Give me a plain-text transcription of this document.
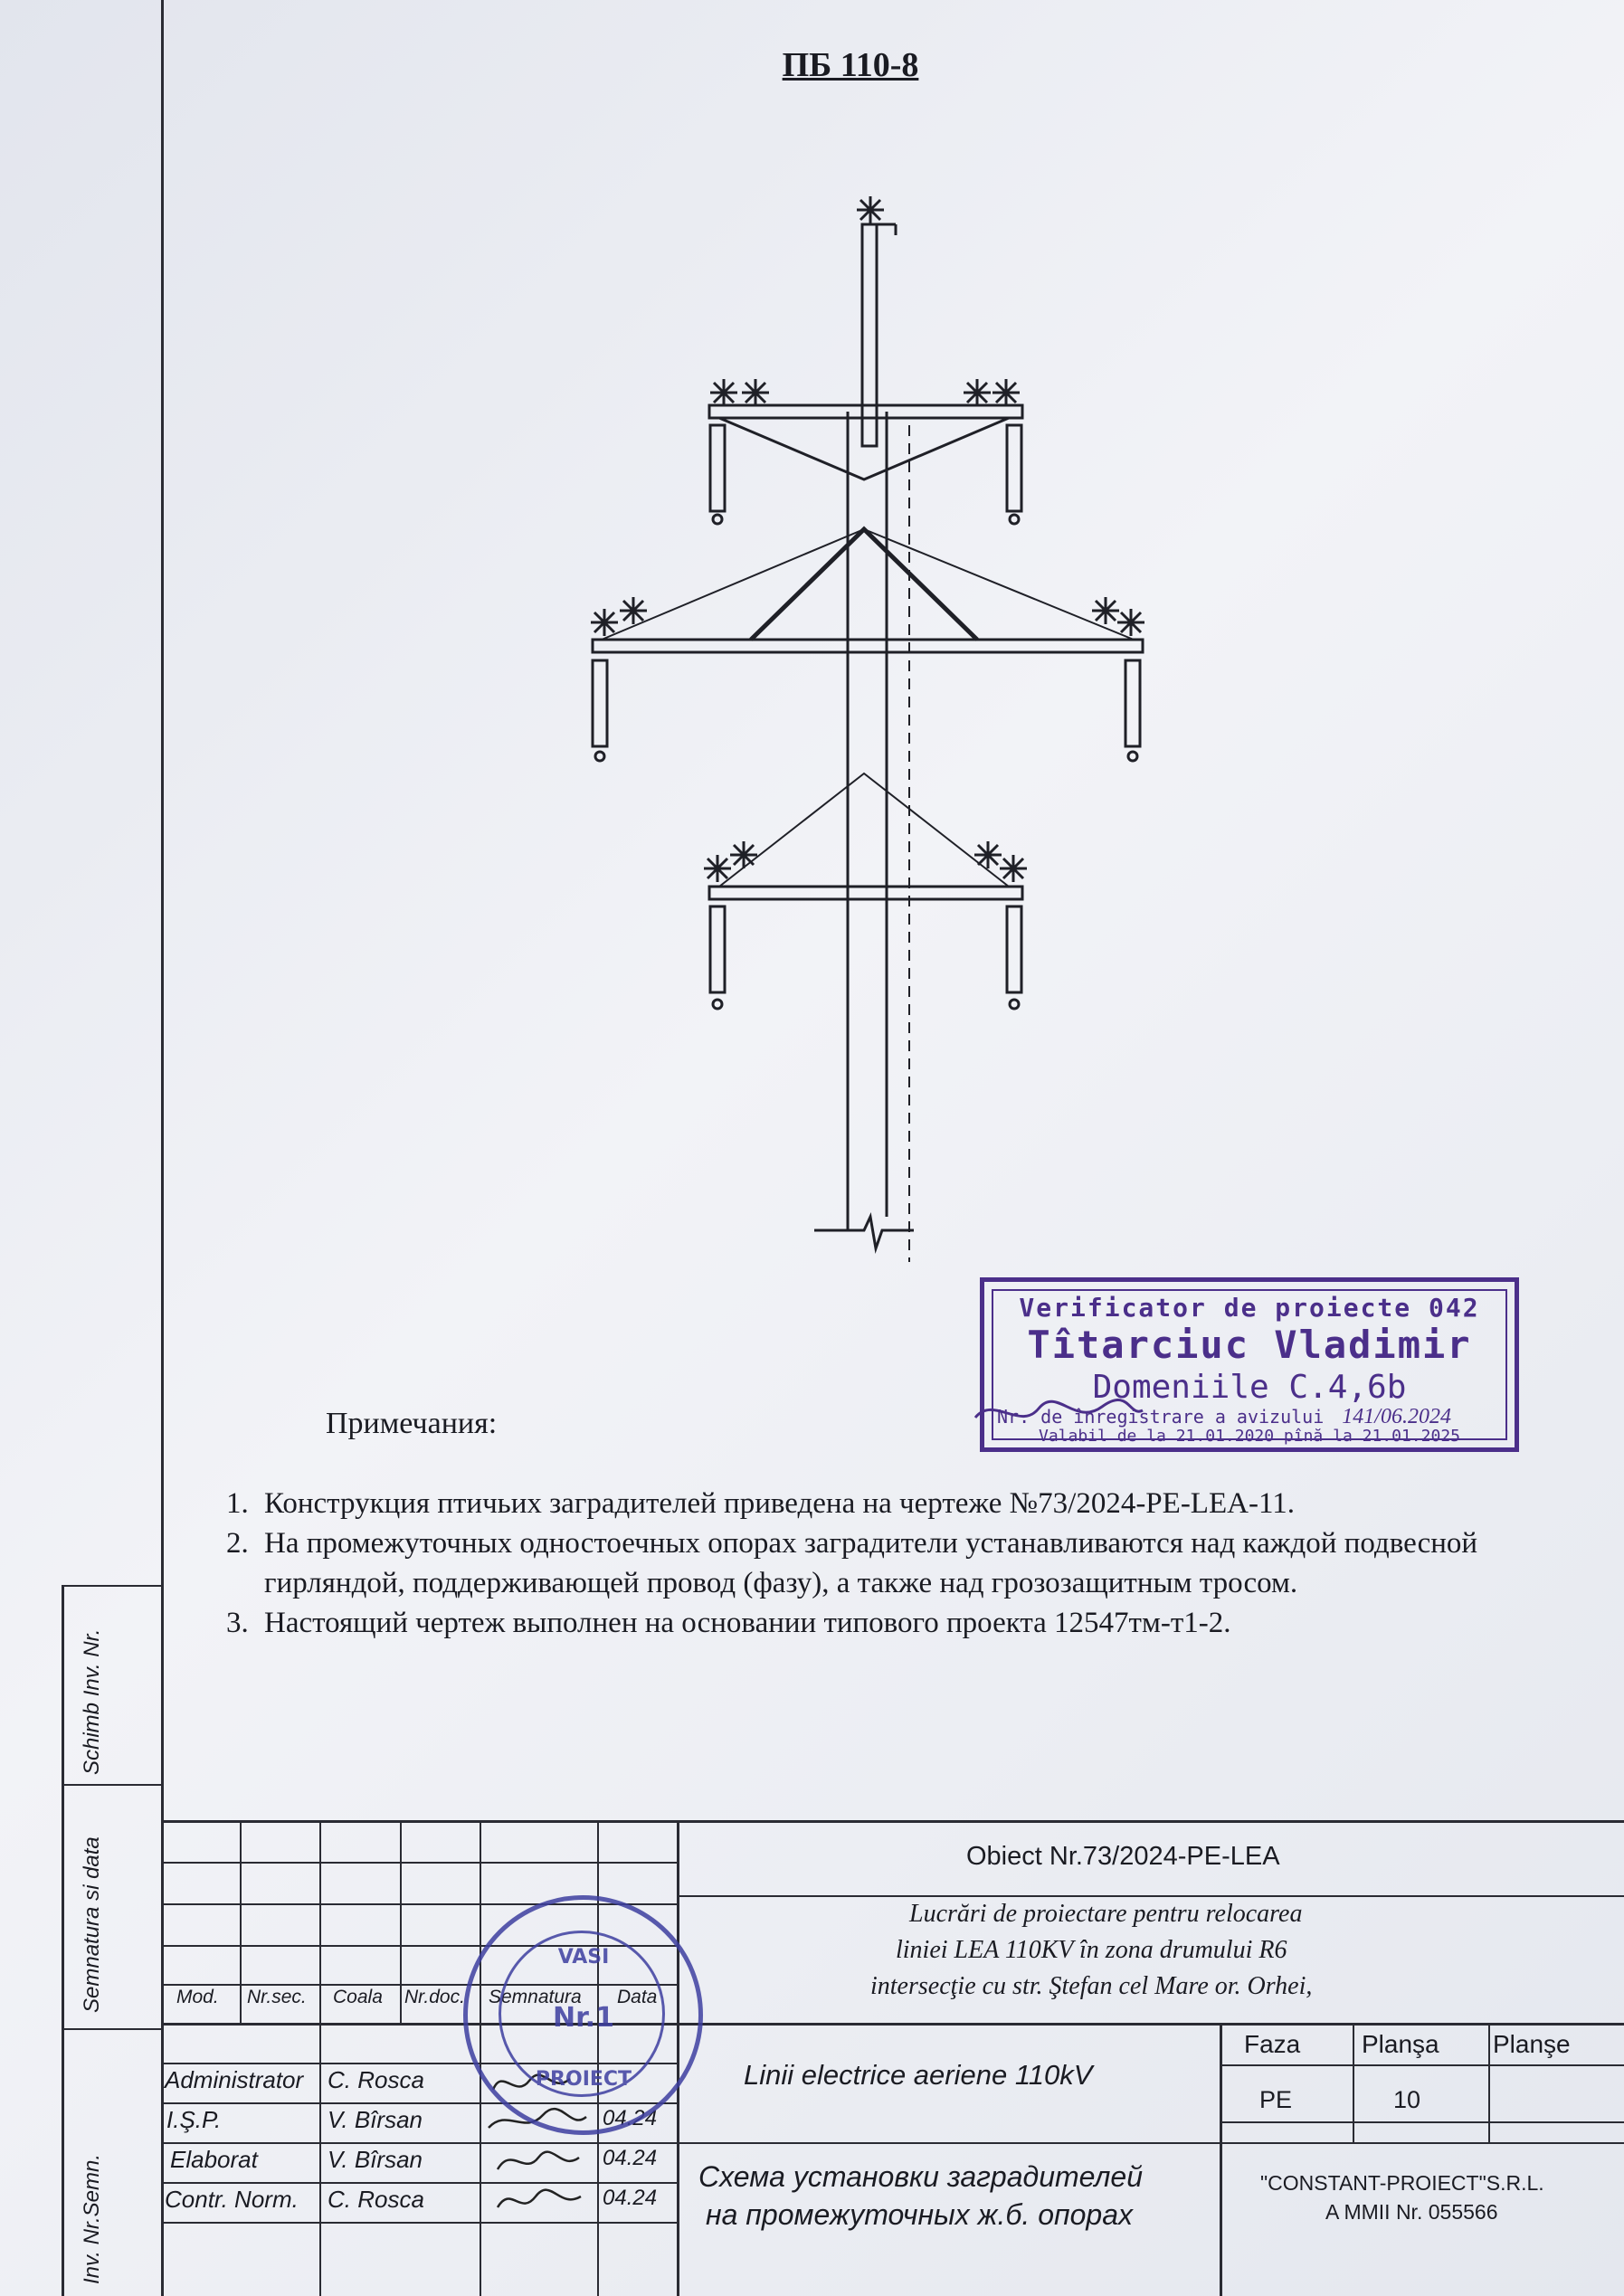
Schimb Inv. Nr.
Semnatura si data
Inv. Nr.Semn.
ПБ 110-8
Verificator de proiecte 042
Tîtarciuc Vladimir
Domeniile C.4,6b
Nr. de înregistrare a avizului 141/06.2024
Valabil de la 21.01.2020 pînă la 21.01.2025
Примечания:
1. Конструкция птичьих заградителей приведена на чертеже №73/2024-PE-LEA-11.
2. На промежуточных одностоечных опорах заградители устанавливаются над каждой подвесной гирляндой, поддерживающей провод (фазу), а также над грозозащитным тросом.
3. Настоящий чертеж выполнен на основании типового проекта 12547тм-т1-2.
Mod. Nr.sec. Coala Nr.doc. Semnatura Data
Obiect Nr.73/2024-PE-LEA
Lucrări de proiectare pentru relocarea
liniei LEA 110KV în zona drumului R6
intersecţie cu str. Ştefan cel Mare or. Orhei,
Linii electrice aeriene 110kV
Схема установки заградителей
на промежуточных ж.б. опорах
Faza Planşa Planşe
PE	10
"CONSTANT-PROIECT"S.R.L.
A MMII Nr. 055566
Administrator C. Rosca
I.Ş.P.	V. Bîrsan	04.24
Elaborat	V. Bîrsan	04.24
Contr. Norm. C. Rosca	04.24
VASI
Nr.1
PROIECT
